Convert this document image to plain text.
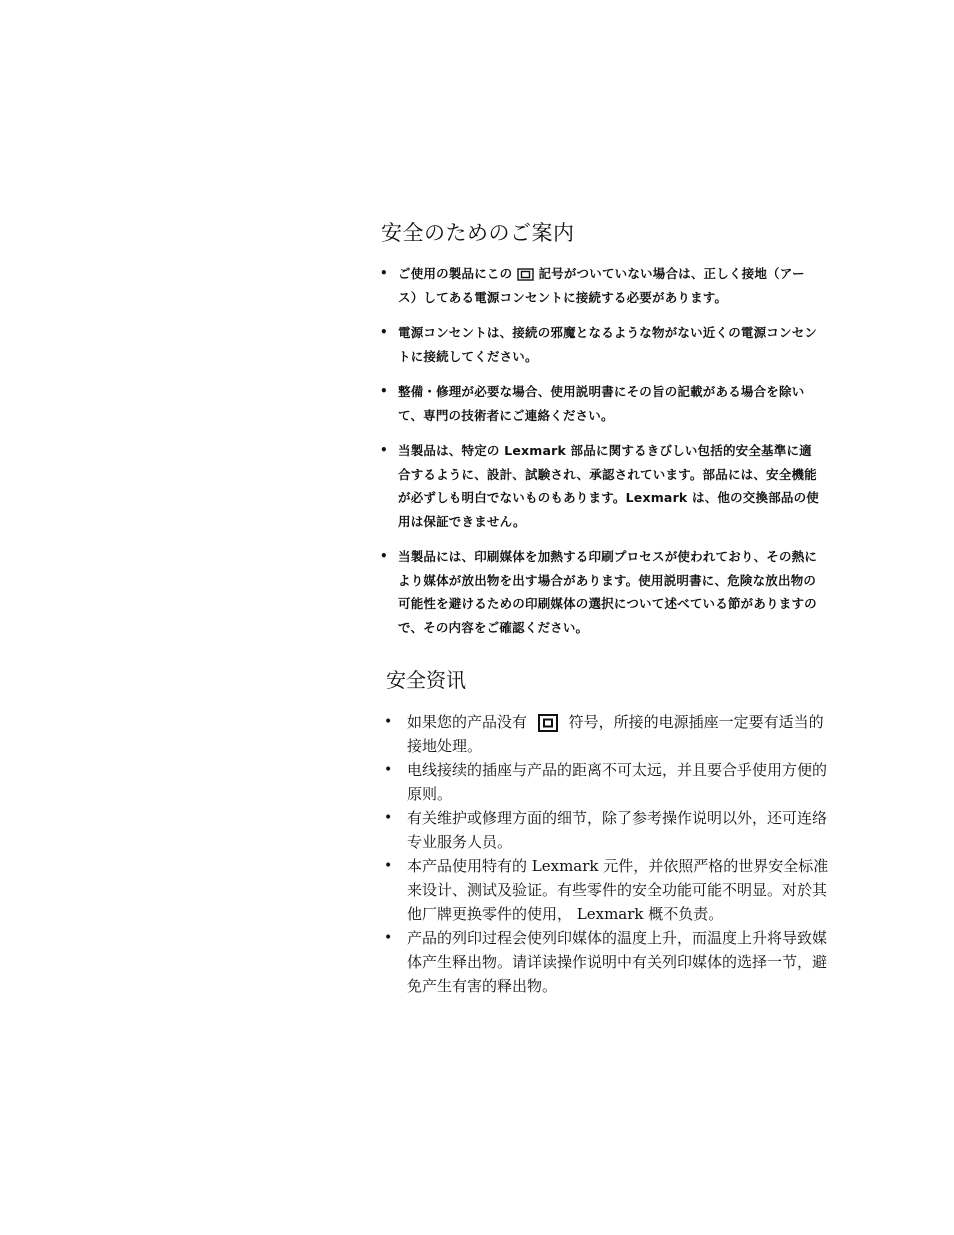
安全のためのご案内
• ご使用の製品にこの 記号がついていない場合は、正しく接地（アース）してある電源コンセントに接続する必要があります。
• 電源コンセントは、接続の邪魔となるような物がない近くの電源コンセントに接続してください。
• 整備・修理が必要な場合、使用説明書にその旨の記載がある場合を除いて、専門の技術者にご連絡ください。
• 当製品は、特定の Lexmark 部品に関するきびしい包括的安全基準に適合するように、設計、試験され、承認されています。部品には、安全機能が必ずしも明白でないものもあります。Lexmark は、他の交換部品の使用は保証できません。
• 当製品には、印刷媒体を加熱する印刷プロセスが使われており、その熱により媒体が放出物を出す場合があります。使用説明書に、危険な放出物の可能性を避けるための印刷媒体の選択について述べている節がありますので、その内容をご確認ください。
安全资讯
• 如果您的产品没有	符号，所接的电源插座一定要有适当的接地处理。
• 电线接续的插座与产品的距离不可太远，并且要合乎使用方便的原则。
• 有关维护或修理方面的细节，除了参考操作说明以外，还可连络专业服务人员。
• 本产品使用特有的 Lexmark 元件，并依照严格的世界安全标准来设计、测试及验证。有些零件的安全功能可能不明显。对於其他厂牌更换零件的使用， Lexmark 概不负责。
• 产品的列印过程会使列印媒体的温度上升，而温度上升将导致媒体产生释出物。请详读操作说明中有关列印媒体的选择一节，避免产生有害的释出物。
